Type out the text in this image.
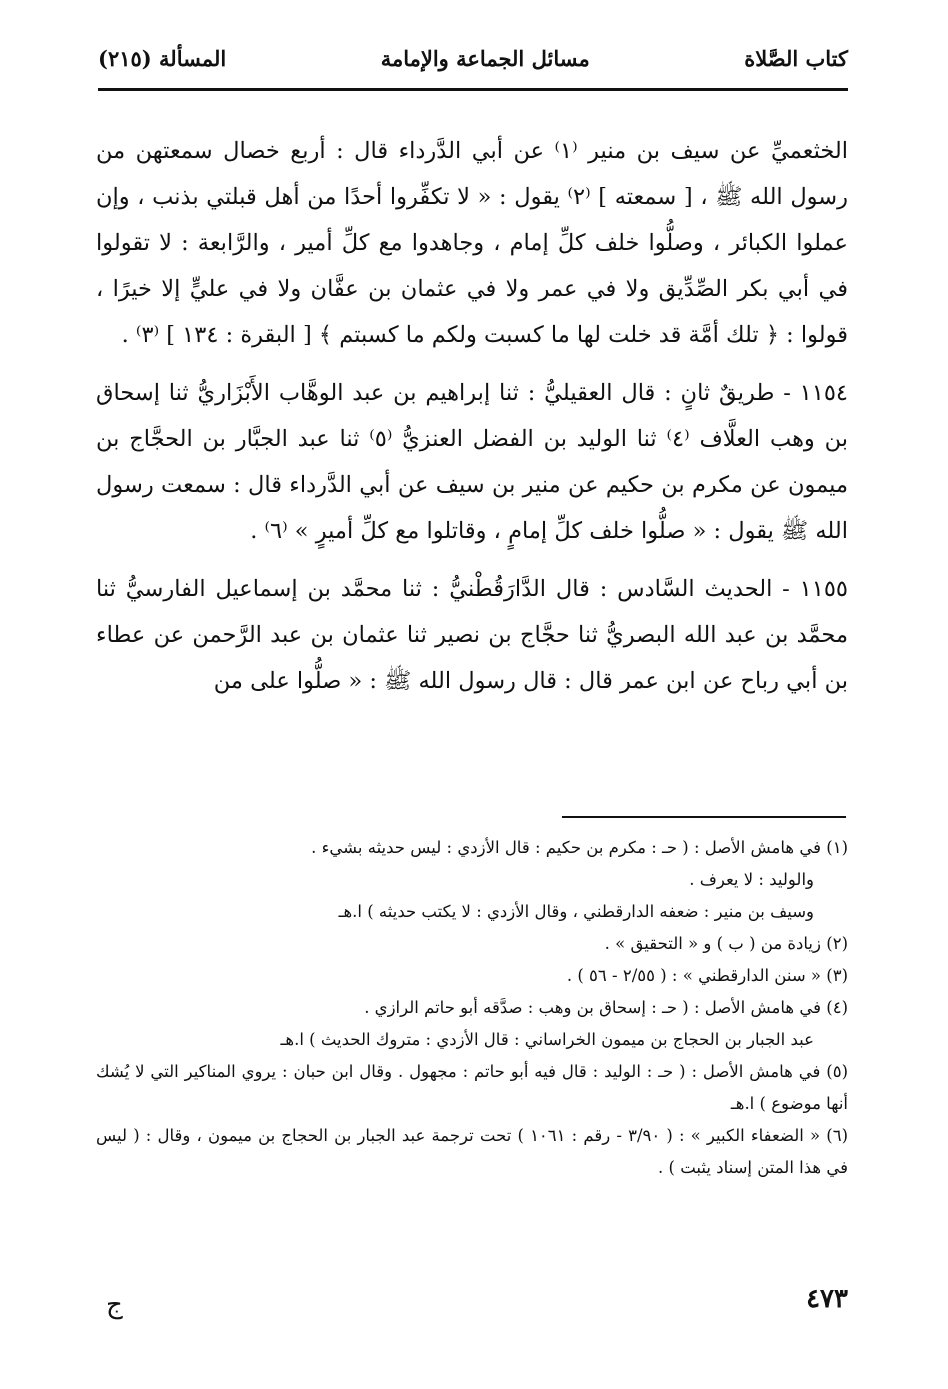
كتاب الصَّلاة
مسائل الجماعة والإمامة
المسألة (٢١٥)

الخثعميِّ عن سيف بن منير ⁽١⁾ عن أبي الدَّرداء قال : أربع خصال سمعتهن من رسول الله ﷺ ، [ سمعته ] ⁽٢⁾ يقول : « لا تكفِّروا أحدًا من أهل قبلتي بذنب ، وإن عملوا الكبائر ، وصلُّوا خلف كلِّ إمام ، وجاهدوا مع كلِّ أمير ، والرَّابعة : لا تقولوا في أبي بكر الصِّدِّيق ولا في عمر ولا في عثمان بن عفَّان ولا في عليٍّ إلا خيرًا ، قولوا : ﴿ تلك أمَّة قد خلت لها ما كسبت ولكم ما كسبتم ﴾ [ البقرة : ١٣٤ ] ⁽٣⁾ .

١١٥٤ - طريقٌ ثانٍ : قال العقيليُّ : ثنا إبراهيم بن عبد الوهَّاب الأَبْزَاريُّ ثنا إسحاق بن وهب العلَّاف ⁽٤⁾ ثنا الوليد بن الفضل العنزيُّ ⁽٥⁾ ثنا عبد الجبَّار بن الحجَّاج بن ميمون عن مكرم بن حكيم عن منير بن سيف عن أبي الدَّرداء قال : سمعت رسول الله ﷺ يقول : « صلُّوا خلف كلِّ إمامٍ ، وقاتلوا مع كلِّ أميرٍ » ⁽٦⁾ .

١١٥٥ - الحديث السَّادس : قال الدَّارَقُطْنيُّ : ثنا محمَّد بن إسماعيل الفارسيُّ ثنا محمَّد بن عبد الله البصريُّ ثنا حجَّاج بن نصير ثنا عثمان بن عبد الرَّحمن عن عطاء بن أبي رباح عن ابن عمر قال : قال رسول الله ﷺ : « صلُّوا على من

(١) في هامش الأصل : ( حـ : مكرم بن حكيم : قال الأزدي : ليس حديثه بشيء .

والوليد : لا يعرف .

وسيف بن منير : ضعفه الدارقطني ، وقال الأزدي : لا يكتب حديثه ) ا.هـ

(٢) زيادة من ( ب ) و « التحقيق » .

(٣) « سنن الدارقطني » : ( ٢/٥٥ - ٥٦ ) .

(٤) في هامش الأصل : ( حـ : إسحاق بن وهب : صدَّقه أبو حاتم الرازي .

عبد الجبار بن الحجاج بن ميمون الخراساني : قال الأزدي : متروك الحديث ) ا.هـ

(٥) في هامش الأصل : ( حـ : الوليد : قال فيه أبو حاتم : مجهول . وقال ابن حبان : يروي المناكير التي لا يُشك أنها موضوع ) ا.هـ

(٦) « الضعفاء الكبير » : ( ٣/٩٠ - رقم : ١٠٦١ ) تحت ترجمة عبد الجبار بن الحجاج بن ميمون ، وقال : ( ليس في هذا المتن إسناد يثبت ) .

٤٧٣
ج
